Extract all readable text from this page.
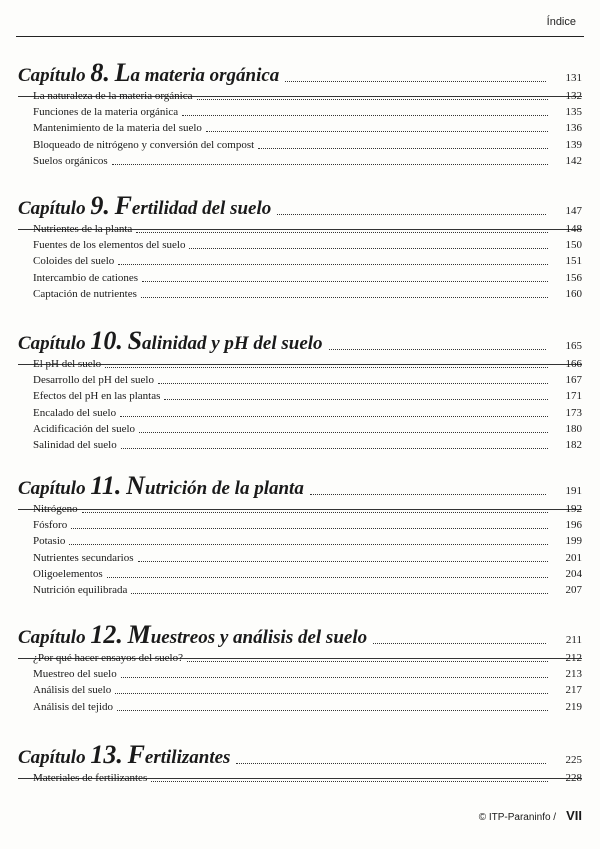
Índice
Capítulo 8. La materia orgánica	131
La naturaleza de la materia orgánica	132
Funciones de la materia orgánica	135
Mantenimiento de la materia del suelo	136
Bloqueado de nitrógeno y conversión del compost	139
Suelos orgánicos	142
Capítulo 9. Fertilidad del suelo	147
Nutrientes de la planta	148
Fuentes de los elementos del suelo	150
Coloides del suelo	151
Intercambio de cationes	156
Captación de nutrientes	160
Capítulo 10. Salinidad y pH del suelo	165
El pH del suelo	166
Desarrollo del pH del suelo	167
Efectos del pH en las plantas	171
Encalado del suelo	173
Acidificación del suelo	180
Salinidad del suelo	182
Capítulo 11. Nutrición de la planta	191
Nitrógeno	192
Fósforo	196
Potasio	199
Nutrientes secundarios	201
Oligoelementos	204
Nutrición equilibrada	207
Capítulo 12. Muestreos y análisis del suelo	211
¿Por qué hacer ensayos del suelo?	212
Muestreo del suelo	213
Análisis del suelo	217
Análisis del tejido	219
Capítulo 13. Fertilizantes	225
Materiales de fertilizantes	228
© ITP-Paraninfo / VII
